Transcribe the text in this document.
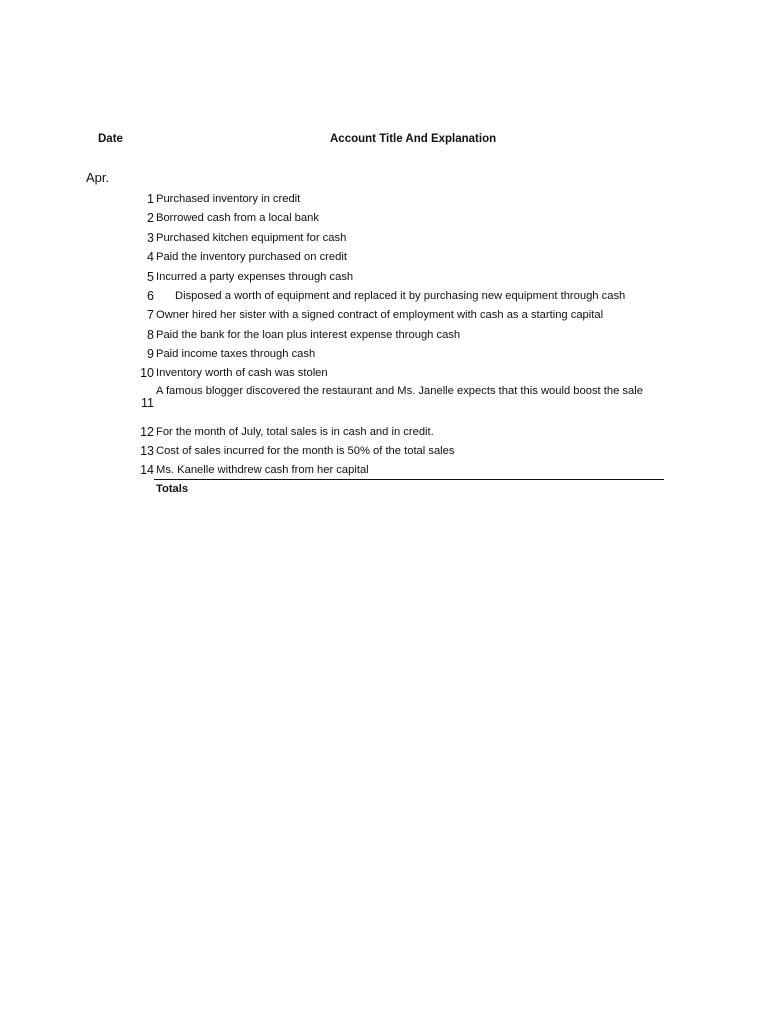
Date	Account Title And Explanation
Apr.
1 Purchased inventory in credit
2 Borrowed cash from a local bank
3 Purchased kitchen equipment for cash
4 Paid the inventory purchased on credit
5 Incurred a party expenses through cash
6 Disposed a worth of equipment and replaced it by purchasing new equipment through cash
7 Owner hired her sister with a signed contract of employment with cash as a starting capital
8 Paid the bank for the loan plus interest expense through cash
9 Paid income taxes through cash
10 Inventory worth of cash was stolen
11
A famous blogger discovered the restaurant and Ms. Janelle expects that this would boost the sale
12 For the month of July, total sales is in cash and in credit.
13 Cost of sales incurred for the month is 50% of the total sales
14 Ms. Kanelle withdrew cash from her capital
Totals
